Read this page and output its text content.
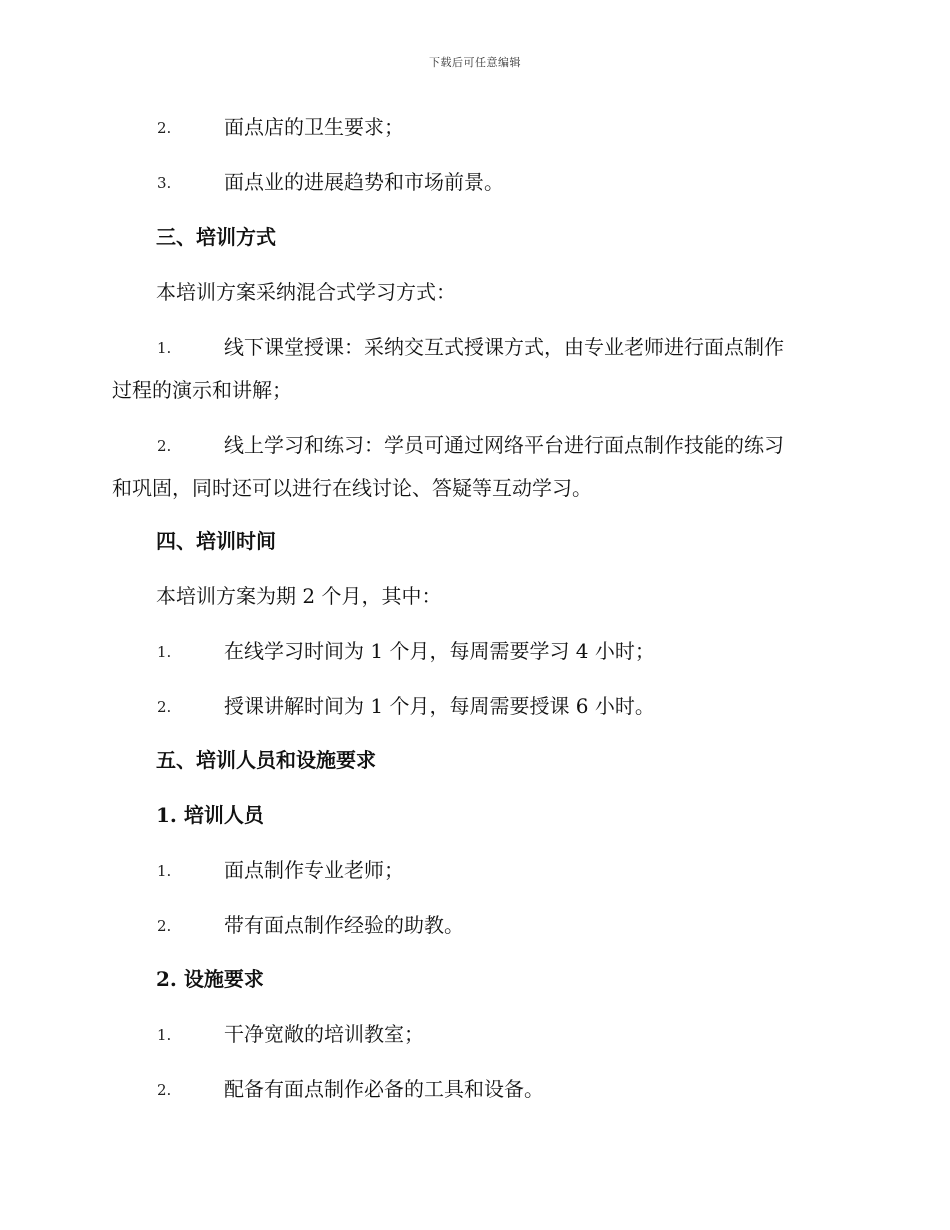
下载后可任意编辑
2.	面点店的卫生要求；
3.	面点业的进展趋势和市场前景。
三、培训方式
本培训方案采纳混合式学习方式：
1.	线下课堂授课：采纳交互式授课方式，由专业老师进行面点制作
过程的演示和讲解；
2.	线上学习和练习：学员可通过网络平台进行面点制作技能的练习
和巩固，同时还可以进行在线讨论、答疑等互动学习。
四、培训时间
本培训方案为期 2 个月，其中：
1.	在线学习时间为 1 个月，每周需要学习 4 小时；
2.	授课讲解时间为 1 个月，每周需要授课 6 小时。
五、培训人员和设施要求
1. 培训人员
1.	面点制作专业老师；
2.	带有面点制作经验的助教。
2. 设施要求
1.	干净宽敞的培训教室；
2.	配备有面点制作必备的工具和设备。
